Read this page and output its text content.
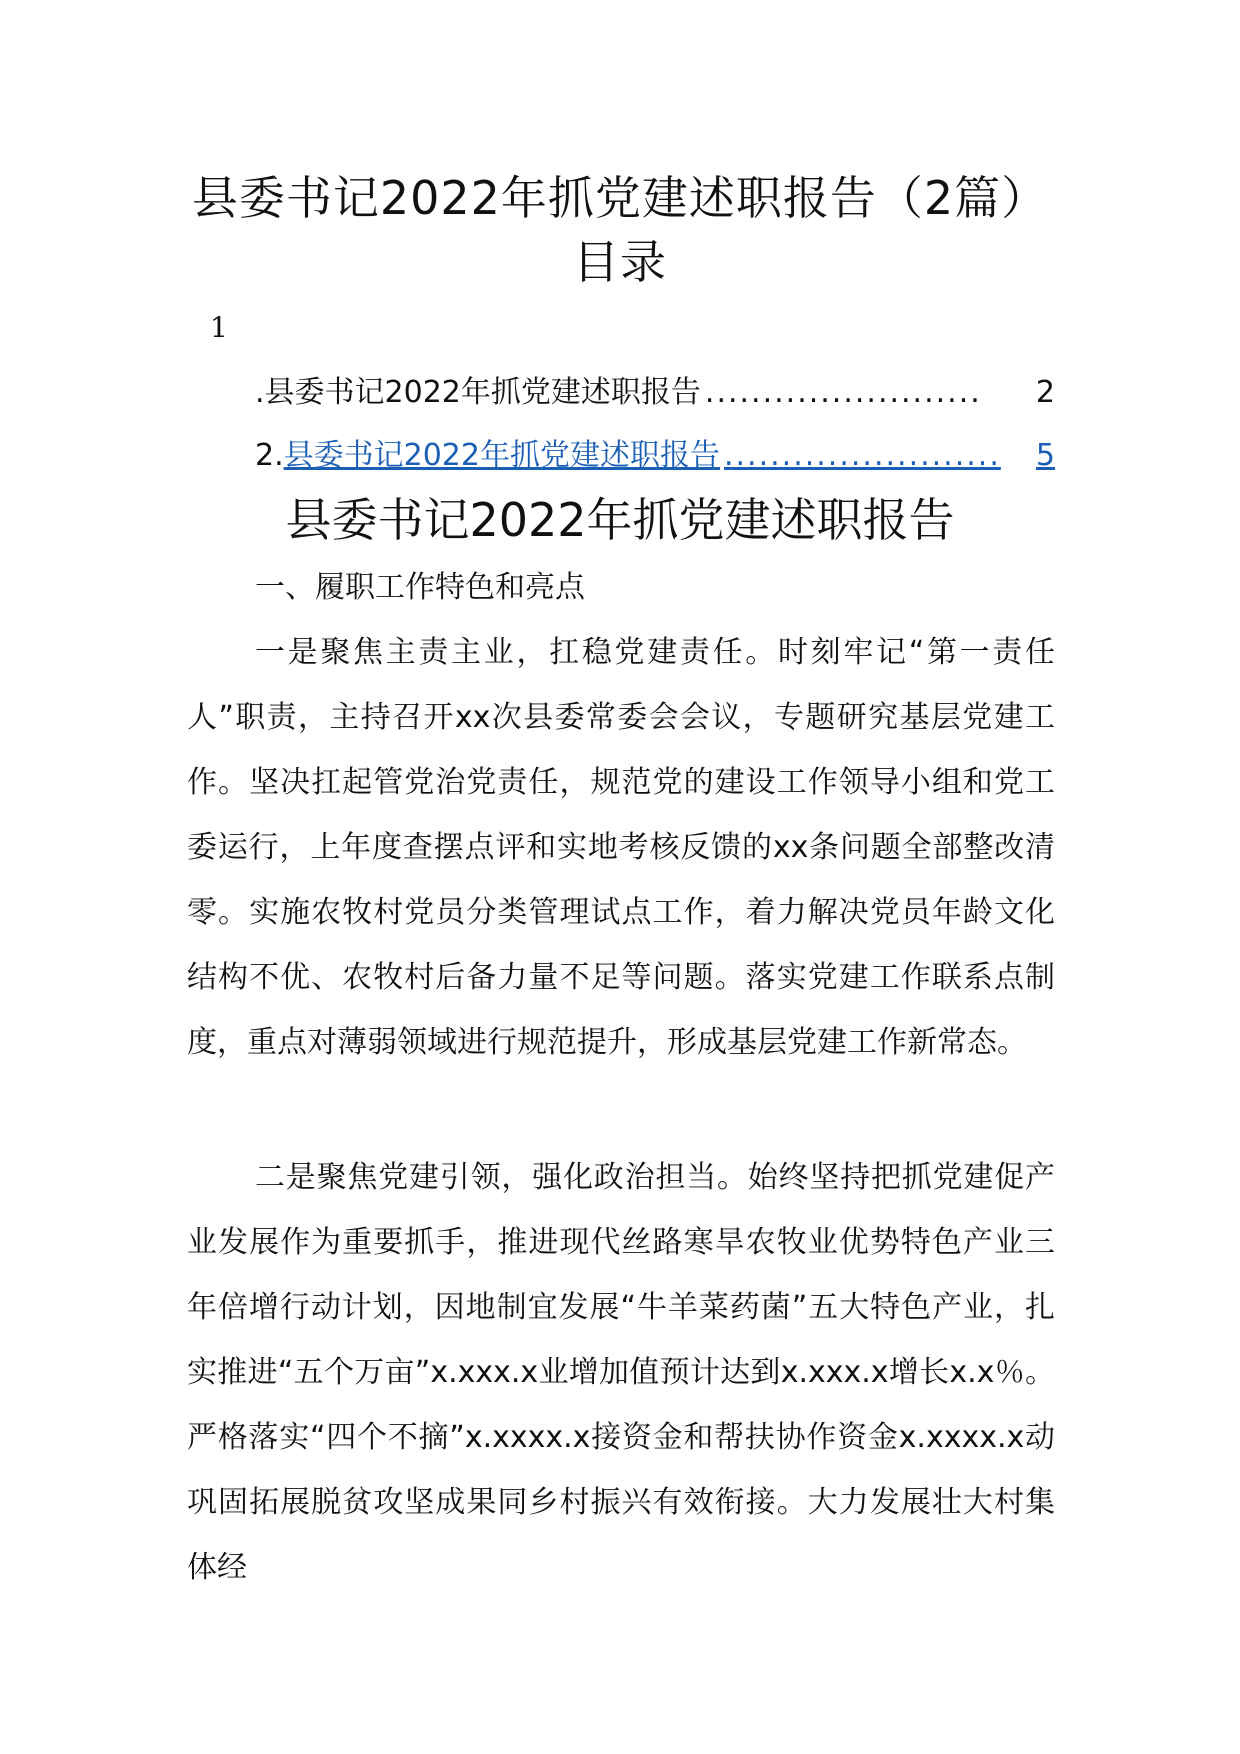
县委书记2022年抓党建述职报告（2篇）
目录
1
. 县委书记2022年抓党建述职报告 ........................	2
2. 县委书记2022年抓党建述职报告 ........................	5
县委书记2022年抓党建述职报告

一、履职工作特色和亮点

一是聚焦主责主业，扛稳党建责任。时刻牢记“第一责任人”职责，主持召开xx次县委常委会会议，专题研究基层党建工作。坚决扛起管党治党责任，规范党的建设工作领导小组和党工委运行，上年度查摆点评和实地考核反馈的xx条问题全部整改清零。实施农牧村党员分类管理试点工作，着力解决党员年龄文化结构不优、农牧村后备力量不足等问题。落实党建工作联系点制度，重点对薄弱领域进行规范提升，形成基层党建工作新常态。

二是聚焦党建引领，强化政治担当。始终坚持把抓党建促产业发展作为重要抓手，推进现代丝路寒旱农牧业优势特色产业三年倍增行动计划，因地制宜发展“牛羊菜药菌”五大特色产业，扎实推进“五个万亩”x.xxx.x业增加值预计达到x.xxx.x增长x.x％。严格落实“四个不摘”x.xxxx.x接资金和帮扶协作资金x.xxxx.x动巩固拓展脱贫攻坚成果同乡村振兴有效衔接。大力发展壮大村集体经
